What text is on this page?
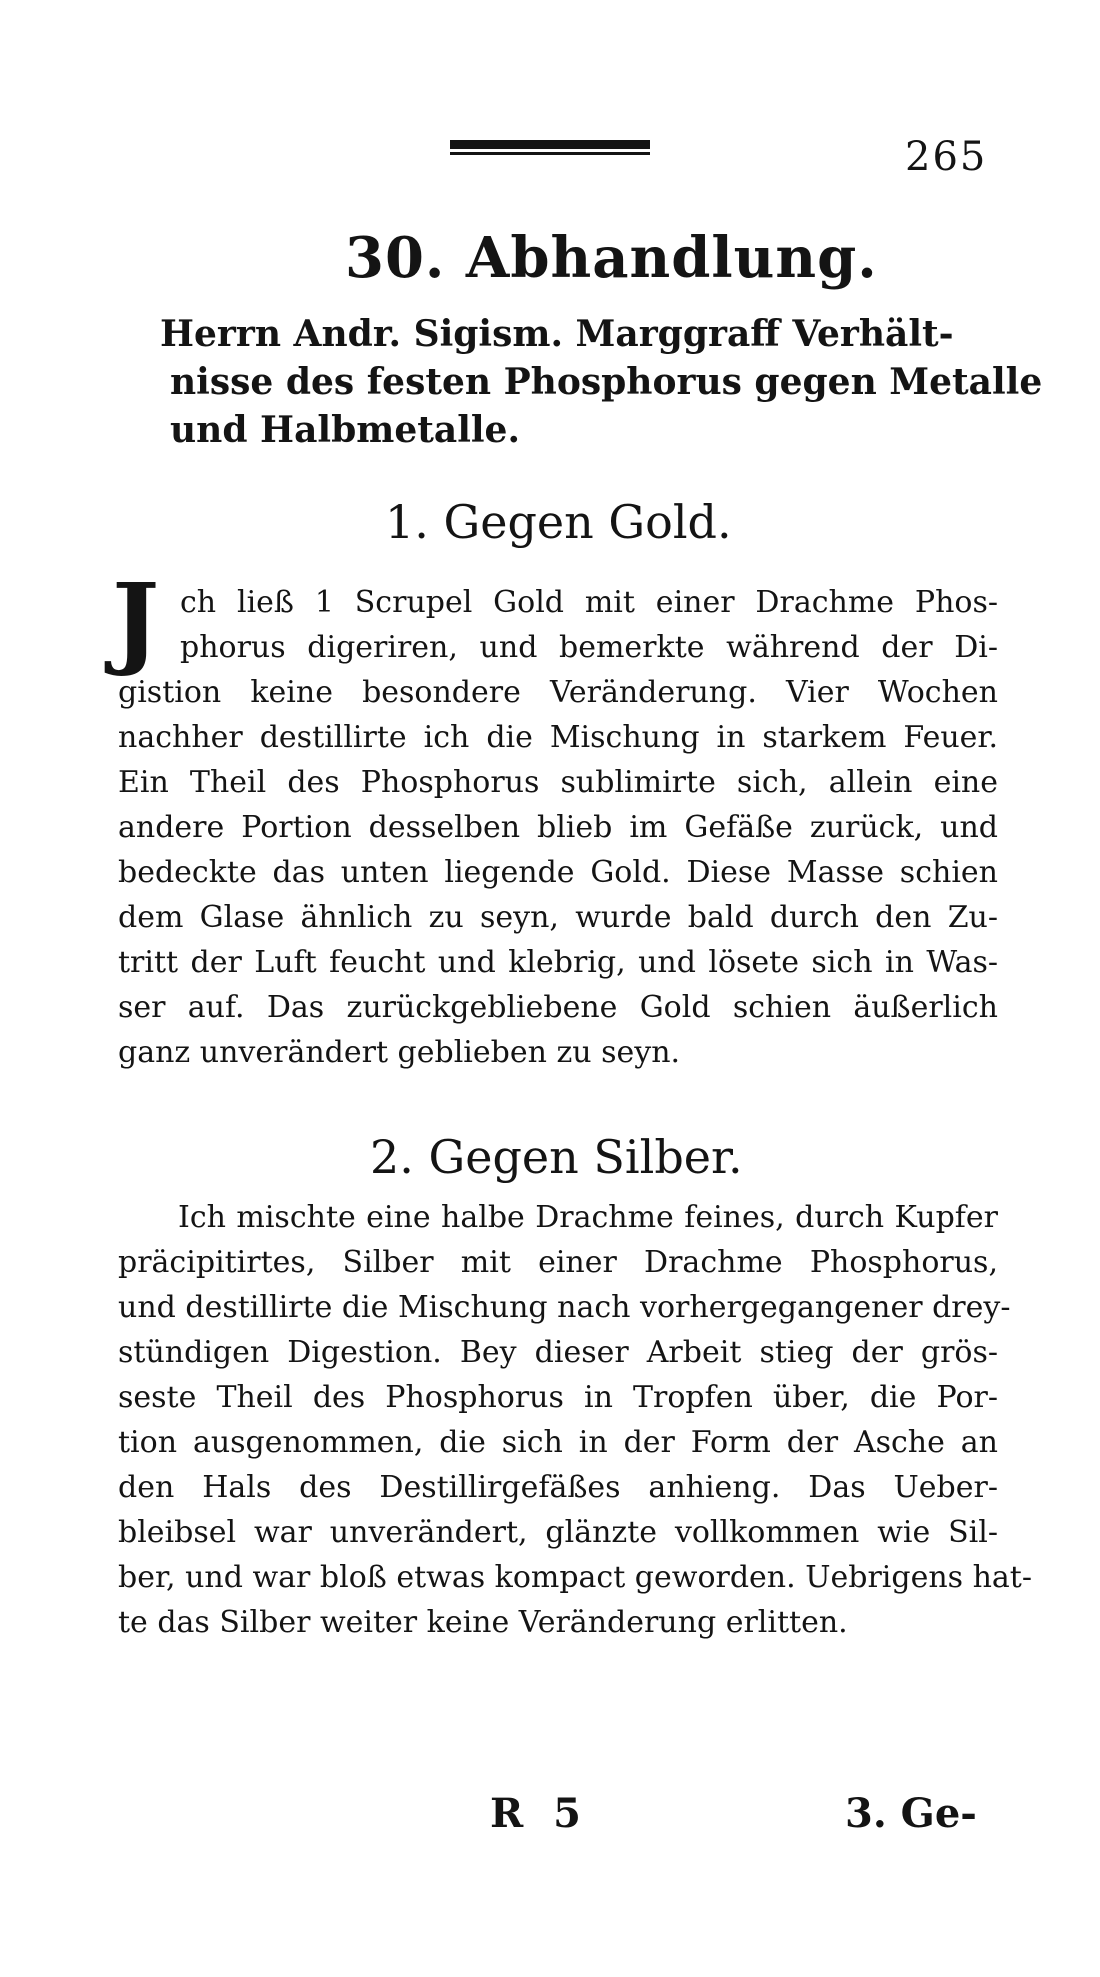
265
30. Abhandlung.
Herrn Andr. Sigism. Marggraff Verhält-
nisse des festen Phosphorus gegen Metalle
und Halbmetalle.
1. Gegen Gold.
J ch ließ 1 Scrupel Gold mit einer Drachme Phos-
phorus digeriren, und bemerkte während der Di-
gistion keine besondere Veränderung. Vier Wochen
nachher destillirte ich die Mischung in starkem Feuer.
Ein Theil des Phosphorus sublimirte sich, allein eine
andere Portion desselben blieb im Gefäße zurück, und
bedeckte das unten liegende Gold. Diese Masse schien
dem Glase ähnlich zu seyn, wurde bald durch den Zu-
tritt der Luft feucht und klebrig, und lösete sich in Was-
ser auf. Das zurückgebliebene Gold schien äußerlich
ganz unverändert geblieben zu seyn.
2. Gegen Silber.
Ich mischte eine halbe Drachme feines, durch Kupfer
präcipitirtes, Silber mit einer Drachme Phosphorus,
und destillirte die Mischung nach vorhergegangener drey-
stündigen Digestion. Bey dieser Arbeit stieg der grös-
seste Theil des Phosphorus in Tropfen über, die Por-
tion ausgenommen, die sich in der Form der Asche an
den Hals des Destillirgefäßes anhieng. Das Ueber-
bleibsel war unverändert, glänzte vollkommen wie Sil-
ber, und war bloß etwas kompact geworden. Uebrigens hat-
te das Silber weiter keine Veränderung erlitten.
R 5	3. Ge-
